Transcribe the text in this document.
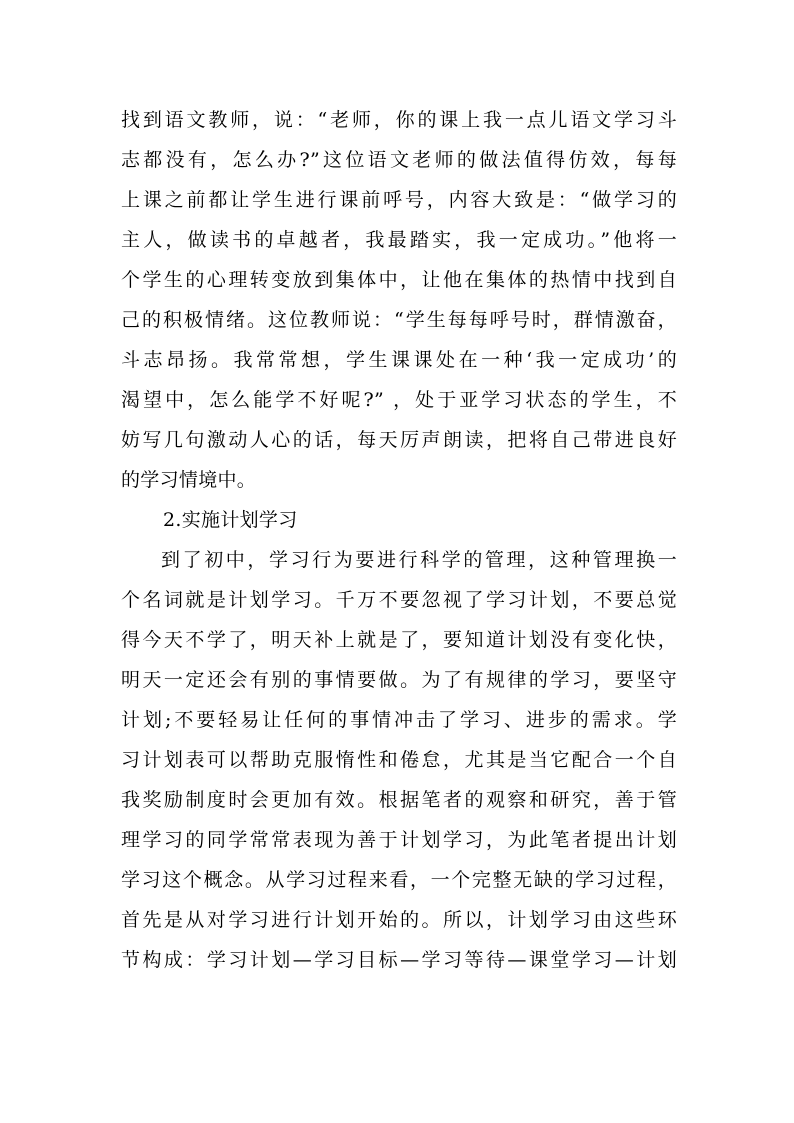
找到语文教师，说：“老师，你的课上我一点儿语文学习斗
志都没有，怎么办?”这位语文老师的做法值得仿效，每每
上课之前都让学生进行课前呼号，内容大致是：“做学习的
主人，做读书的卓越者，我最踏实，我一定成功。”他将一
个学生的心理转变放到集体中，让他在集体的热情中找到自
己的积极情绪。这位教师说：“学生每每呼号时，群情激奋，
斗志昂扬。我常常想，学生课课处在一种‘我一定成功’的
渴望中，怎么能学不好呢?” ，处于亚学习状态的学生，不
妨写几句激动人心的话，每天厉声朗读，把将自己带进良好
的学习情境中。
2.实施计划学习
到了初中，学习行为要进行科学的管理，这种管理换一
个名词就是计划学习。千万不要忽视了学习计划，不要总觉
得今天不学了，明天补上就是了，要知道计划没有变化快，
明天一定还会有别的事情要做。为了有规律的学习，要坚守
计划;不要轻易让任何的事情冲击了学习、进步的需求。学
习计划表可以帮助克服惰性和倦怠，尤其是当它配合一个自
我奖励制度时会更加有效。根据笔者的观察和研究，善于管
理学习的同学常常表现为善于计划学习，为此笔者提出计划
学习这个概念。从学习过程来看，一个完整无缺的学习过程，
首先是从对学习进行计划开始的。所以，计划学习由这些环
节构成：学习计划—学习目标—学习等待—课堂学习—计划
